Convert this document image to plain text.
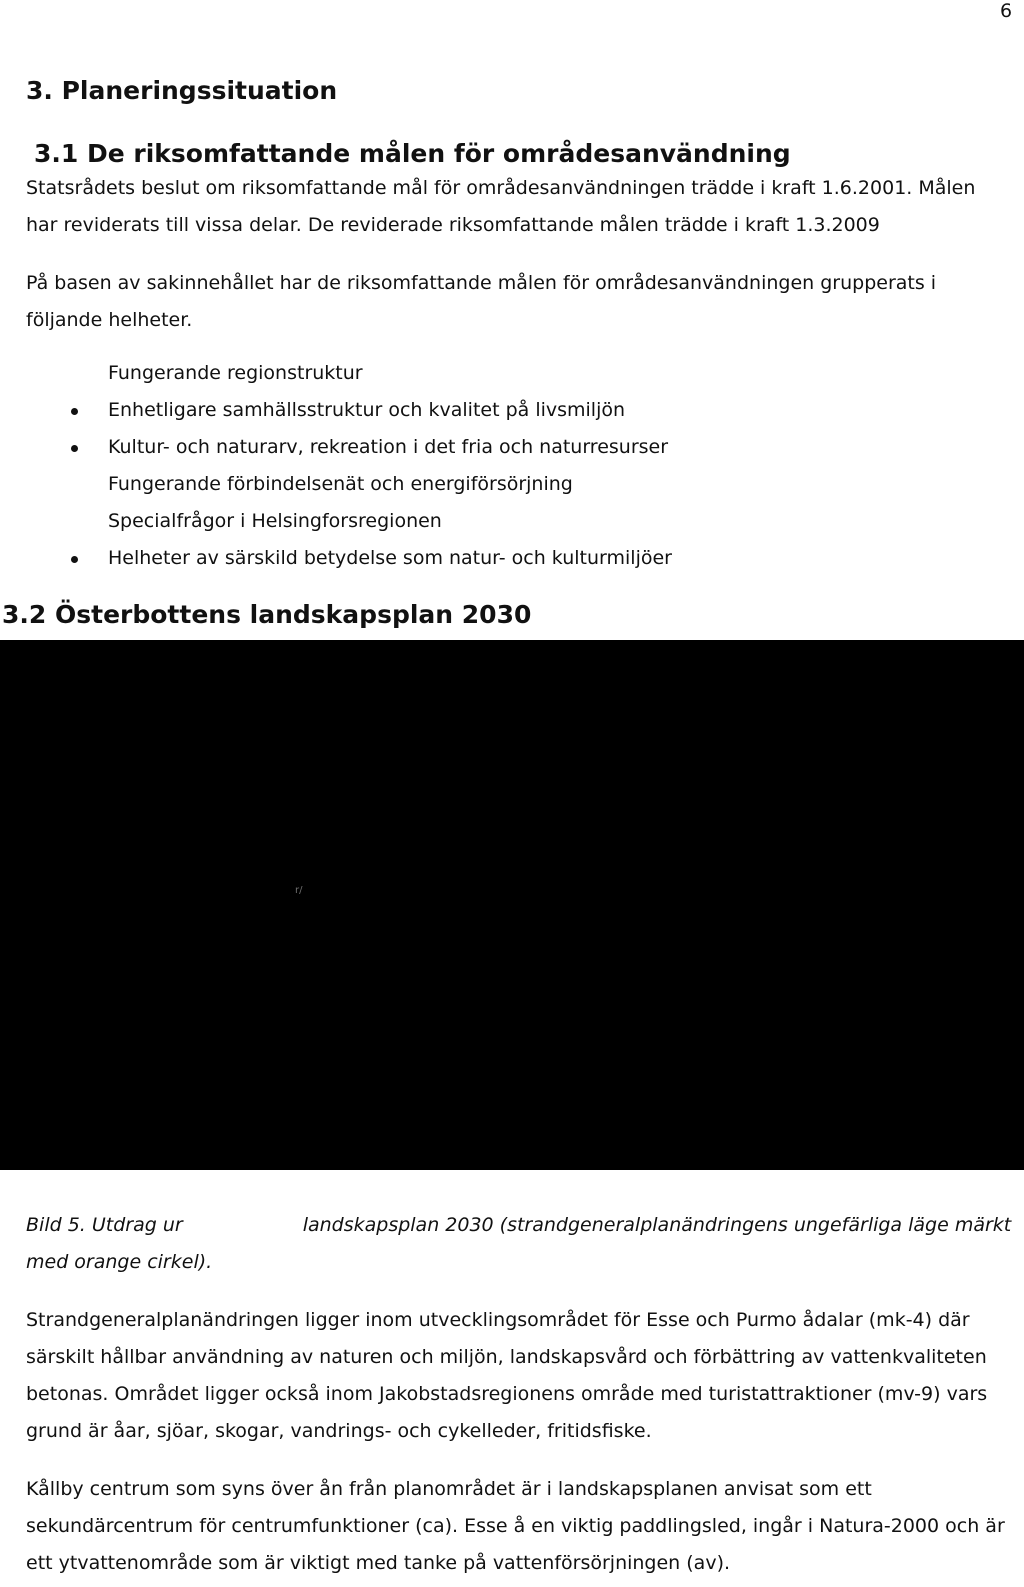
6
3. Planeringssituation
3.1 De riksomfattande målen för områdesanvändning

Statsrådets beslut om riksomfattande mål för områdesanvändningen trädde i kraft 1.6.2001. Målen har reviderats till vissa delar. De reviderade riksomfattande målen trädde i kraft 1.3.2009

På basen av sakinnehållet har de riksomfattande målen för områdesanvändningen grupperats i följande helheter.

Fungerande regionstruktur
Enhetligare samhällsstruktur och kvalitet på livsmiljön
Kultur- och naturarv, rekreation i det fria och naturresurser
Fungerande förbindelsenät och energiförsörjning
Specialfrågor i Helsingforsregionen
Helheter av särskild betydelse som natur- och kulturmiljöer
3.2 Österbottens landskapsplan 2030
r/

Bild 5. Utdrag ur	landskapsplan 2030 (strandgeneralplanändringens ungefärliga läge märkt med orange cirkel).

Strandgeneralplanändringen ligger inom utvecklingsområdet för Esse och Purmo ådalar (mk-4) där särskilt hållbar användning av naturen och miljön, landskapsvård och förbättring av vattenkvaliteten betonas. Området ligger också inom Jakobstadsregionens område med turistattraktioner (mv-9) vars grund är åar, sjöar, skogar, vandrings- och cykelleder, fritidsfiske.

Kållby centrum som syns över ån från planområdet är i landskapsplanen anvisat som ett sekundärcentrum för centrumfunktioner (ca). Esse å en viktig paddlingsled, ingår i Natura-2000 och är ett ytvattenområde som är viktigt med tanke på vattenförsörjningen (av).
